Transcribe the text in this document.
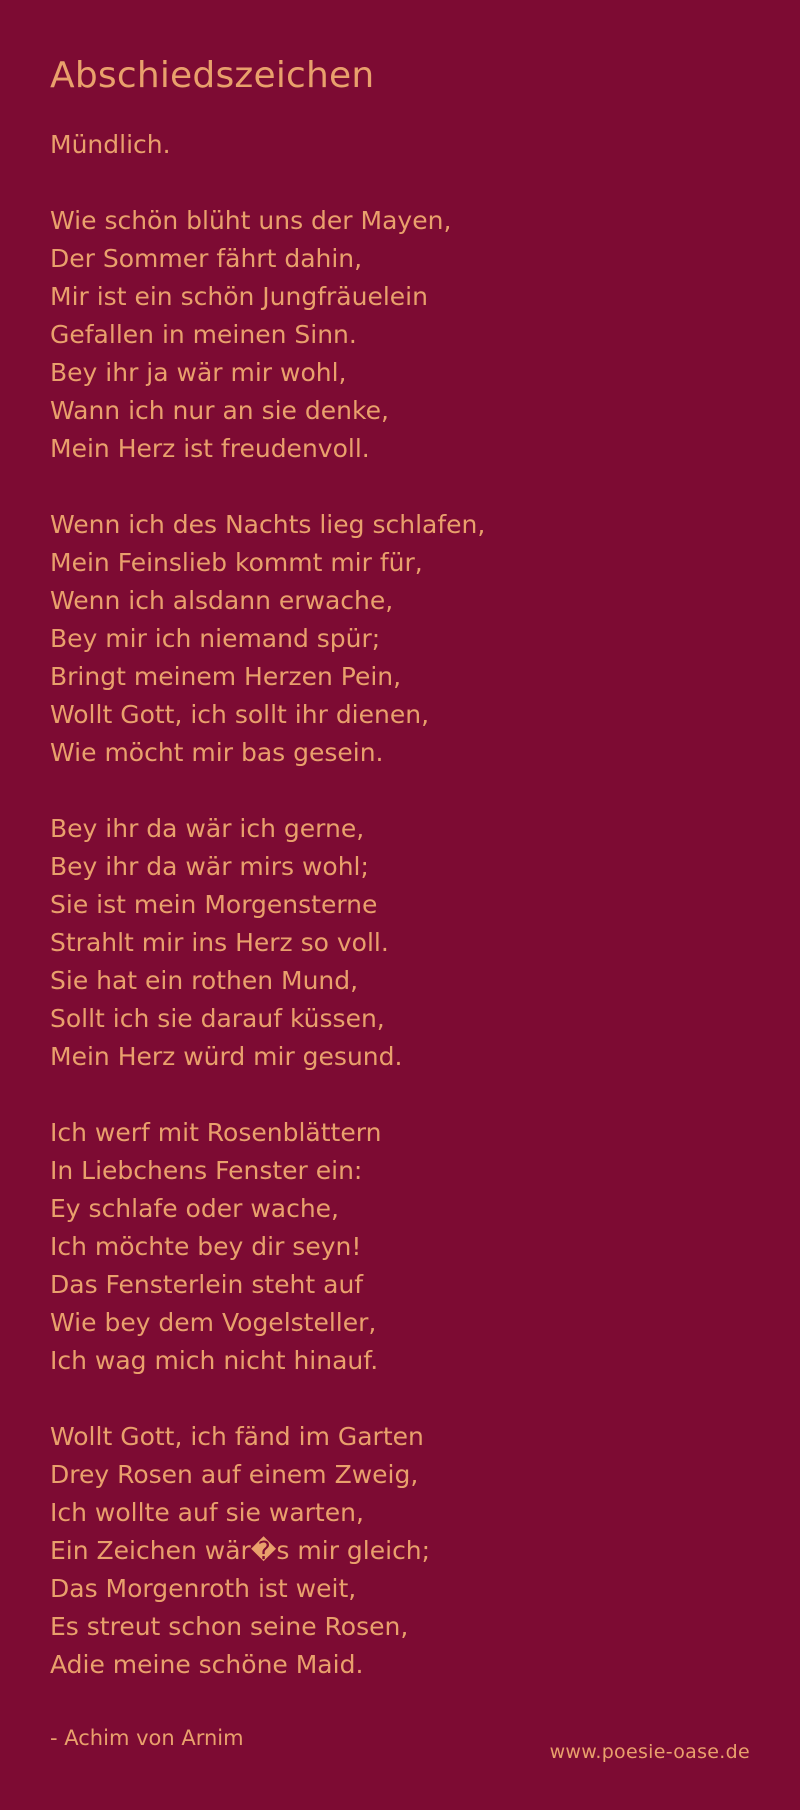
Abschiedszeichen
Mündlich.
Wie schön blüht uns der Mayen,
Der Sommer fährt dahin,
Mir ist ein schön Jungfräuelein
Gefallen in meinen Sinn.
Bey ihr ja wär mir wohl,
Wann ich nur an sie denke,
Mein Herz ist freudenvoll.
Wenn ich des Nachts lieg schlafen,
Mein Feinslieb kommt mir für,
Wenn ich alsdann erwache,
Bey mir ich niemand spür;
Bringt meinem Herzen Pein,
Wollt Gott, ich sollt ihr dienen,
Wie möcht mir bas gesein.
Bey ihr da wär ich gerne,
Bey ihr da wär mirs wohl;
Sie ist mein Morgensterne
Strahlt mir ins Herz so voll.
Sie hat ein rothen Mund,
Sollt ich sie darauf küssen,
Mein Herz würd mir gesund.
Ich werf mit Rosenblättern
In Liebchens Fenster ein:
Ey schlafe oder wache,
Ich möchte bey dir seyn!
Das Fensterlein steht auf
Wie bey dem Vogelsteller,
Ich wag mich nicht hinauf.
Wollt Gott, ich fänd im Garten
Drey Rosen auf einem Zweig,
Ich wollte auf sie warten,
Ein Zeichen wär�s mir gleich;
Das Morgenroth ist weit,
Es streut schon seine Rosen,
Adie meine schöne Maid.
- Achim von Arnim
www.poesie-oase.de
